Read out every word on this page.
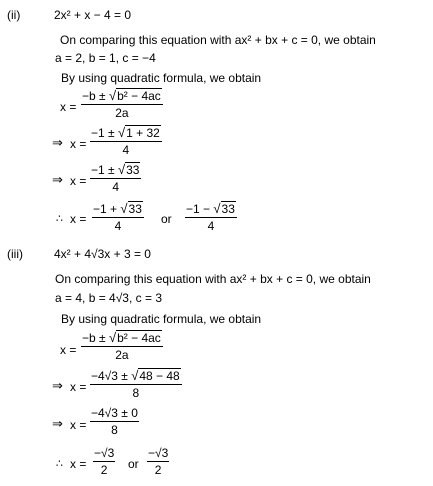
(ii)	2x² + x − 4 = 0
On comparing this equation with ax² + bx + c = 0, we obtain
a = 2, b = 1, c = −4
By using quadratic formula, we obtain
$x = \frac{\text{−b ± √b² − 4ac}}{2a}$
⇒ $x = \frac{-1 \pm √1 + 32}{4}$
⇒ $x = \frac{-1 \pm √33}{4}$
∴ $x = \frac{-1 + √33}{4}$ or $\frac{-1 - √33}{4}$
(iii)	4x² + 4√3x + 3 = 0
On comparing this equation with ax² + bx + c = 0, we obtain
a = 4, b = 4√3, c = 3
By using quadratic formula, we obtain
$x = \frac{\text{−b ± √b² − 4ac}}{2a}$
⇒ $x = \frac{-4√3 \pm √48 - 48}{8}$
⇒ $x = \frac{-4√3 \pm 0}{8}$
∴ $x = \frac{-√3}{2}$ or $\frac{-√3}{2}$
